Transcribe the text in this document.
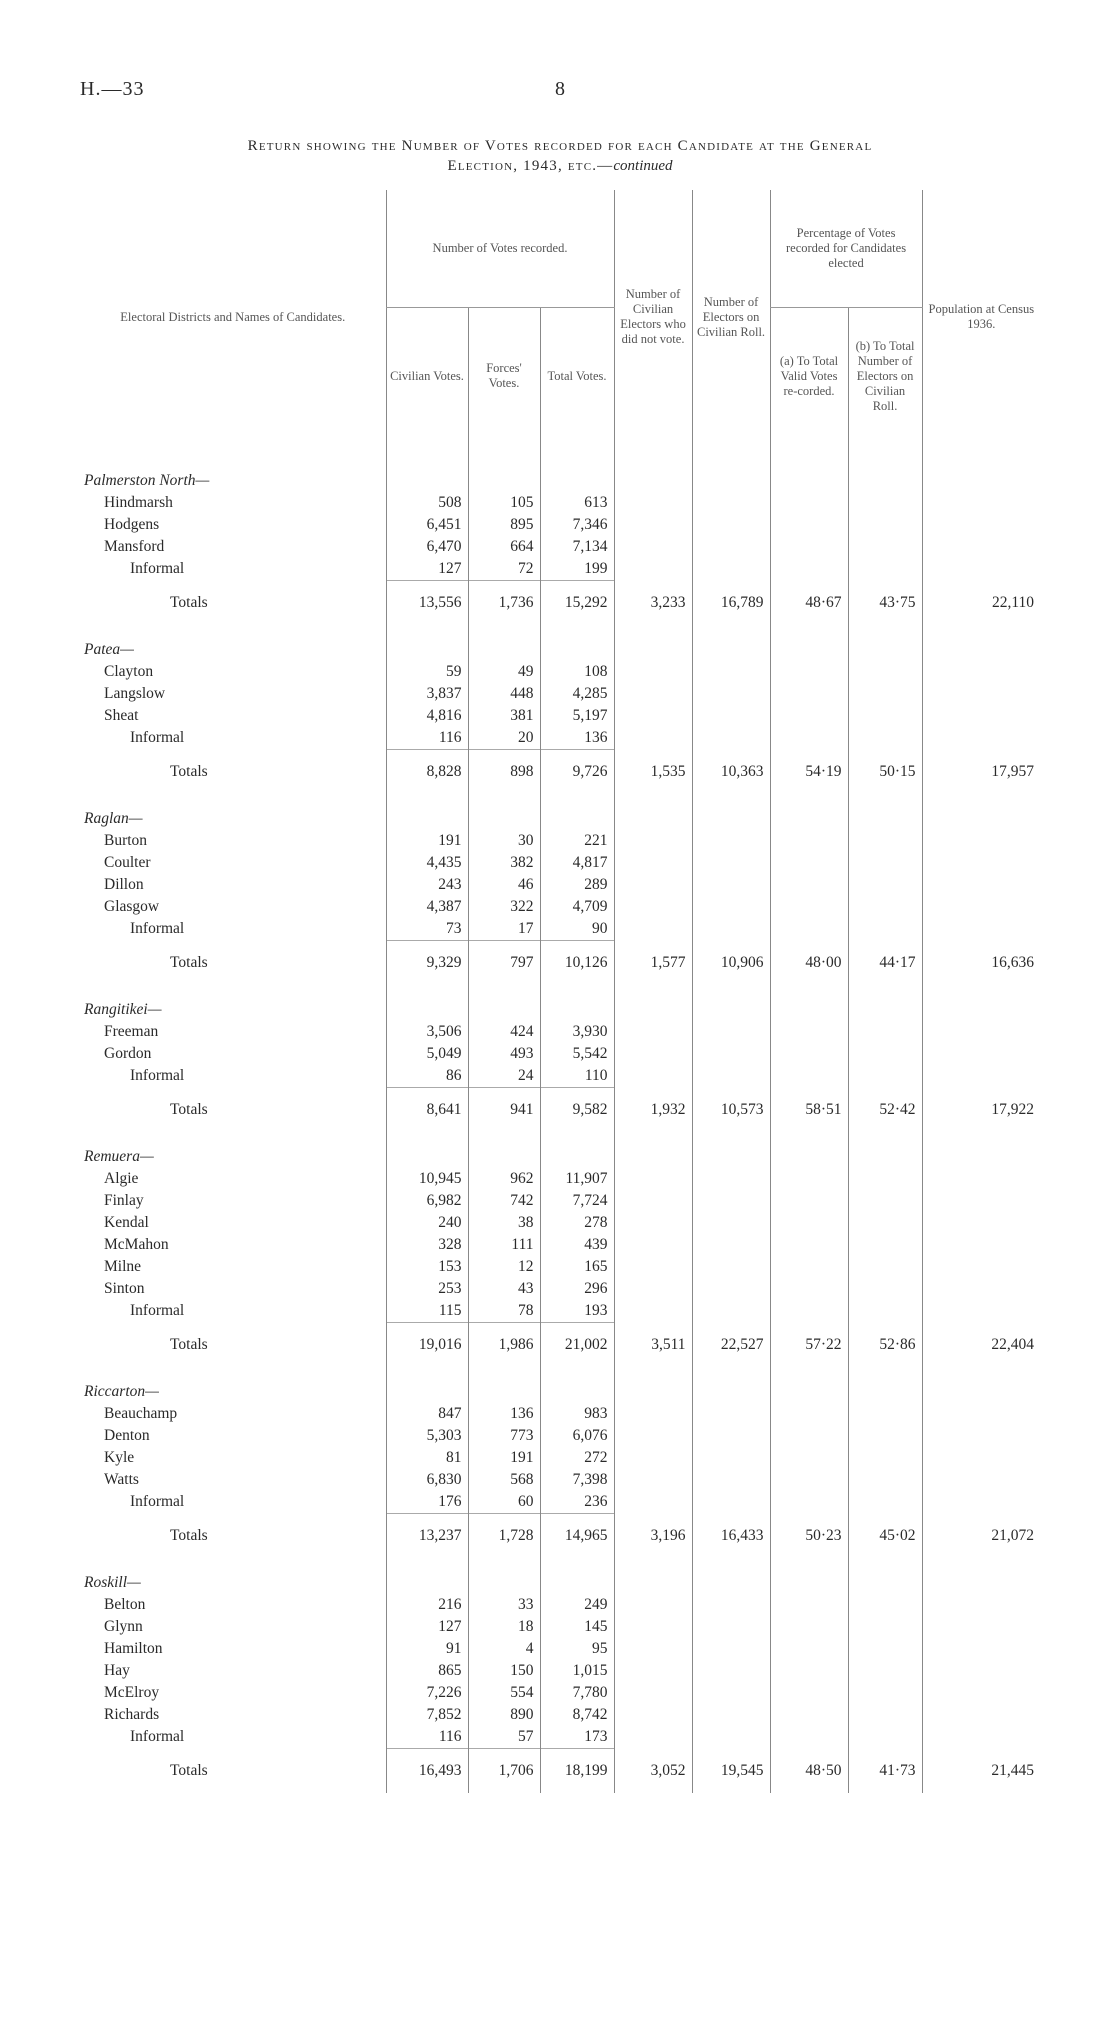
H.—33	8
Return showing the Number of Votes recorded for each Candidate at the General
Election, 1943, etc.—continued
Electoral Districts and Names of Candidates.	Number of Votes recorded.			Number of Civilian Electors who did not vote.	Number of Electors on Civilian Roll.	Percentage of Votes recorded for Candidates elected		Population at Census 1936.
	Civilian Votes.	Forces' Votes.	Total Votes.			(a) To Total Valid Votes re-corded.	(b) To Total Number of Electors on Civilian Roll.	

Palmerston North—								
Hindmarsh	508	105	613					
Hodgens	6,451	895	7,346					
Mansford	6,470	664	7,134					
Informal	127	72	199					
Totals	13,556	1,736	15,292	3,233	16,789	48·67	43·75	22,110

Patea—								
Clayton	59	49	108					
Langslow	3,837	448	4,285					
Sheat	4,816	381	5,197					
Informal	116	20	136					
Totals	8,828	898	9,726	1,535	10,363	54·19	50·15	17,957

Raglan—								
Burton	191	30	221					
Coulter	4,435	382	4,817					
Dillon	243	46	289					
Glasgow	4,387	322	4,709					
Informal	73	17	90					
Totals	9,329	797	10,126	1,577	10,906	48·00	44·17	16,636

Rangitikei—								
Freeman	3,506	424	3,930					
Gordon	5,049	493	5,542					
Informal	86	24	110					
Totals	8,641	941	9,582	1,932	10,573	58·51	52·42	17,922

Remuera—								
Algie	10,945	962	11,907					
Finlay	6,982	742	7,724					
Kendal	240	38	278					
McMahon	328	111	439					
Milne	153	12	165					
Sinton	253	43	296					
Informal	115	78	193					
Totals	19,016	1,986	21,002	3,511	22,527	57·22	52·86	22,404

Riccarton—								
Beauchamp	847	136	983					
Denton	5,303	773	6,076					
Kyle	81	191	272					
Watts	6,830	568	7,398					
Informal	176	60	236					
Totals	13,237	1,728	14,965	3,196	16,433	50·23	45·02	21,072

Roskill—								
Belton	216	33	249					
Glynn	127	18	145					
Hamilton	91	4	95					
Hay	865	150	1,015					
McElroy	7,226	554	7,780					
Richards	7,852	890	8,742					
Informal	116	57	173					
Totals	16,493	1,706	18,199	3,052	19,545	48·50	41·73	21,445
